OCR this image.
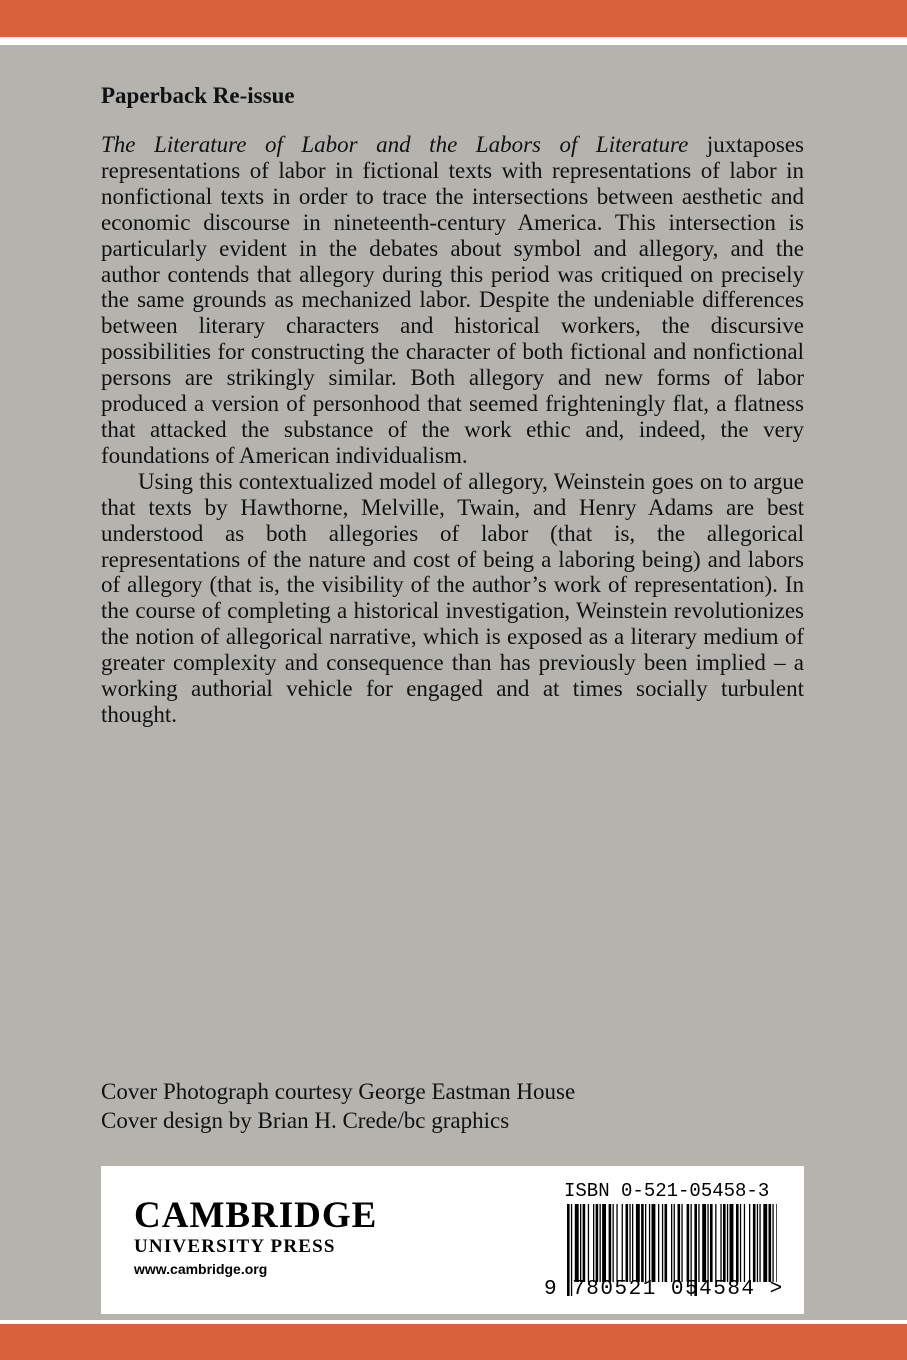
Paperback Re-issue

The Literature of Labor and the Labors of Literature juxtaposes representations of labor in fictional texts with representations of labor in nonfictional texts in order to trace the intersections between aesthetic and economic discourse in nineteenth-century America. This intersection is particularly evident in the debates about symbol and allegory, and the author contends that allegory during this period was critiqued on precisely the same grounds as mechanized labor. Despite the undeniable differences between literary characters and historical workers, the discursive possibilities for constructing the character of both fictional and nonfictional persons are strikingly similar. Both allegory and new forms of labor produced a version of personhood that seemed frighteningly flat, a flatness that attacked the substance of the work ethic and, indeed, the very foundations of American individualism.

Using this contextualized model of allegory, Weinstein goes on to argue that texts by Hawthorne, Melville, Twain, and Henry Adams are best understood as both allegories of labor (that is, the allegorical representations of the nature and cost of being a laboring being) and labors of allegory (that is, the visibility of the author’s work of representation). In the course of completing a historical investigation, Weinstein revolutionizes the notion of allegorical narrative, which is exposed as a literary medium of greater complexity and consequence than has previously been implied – a working authorial vehicle for engaged and at times socially turbulent thought.

Cover Photograph courtesy George Eastman House
Cover design by Brian H. Crede/bc graphics
CAMBRIDGE
UNIVERSITY PRESS
www.cambridge.org
ISBN 0-521-05458-3
9 780521 054584 >
